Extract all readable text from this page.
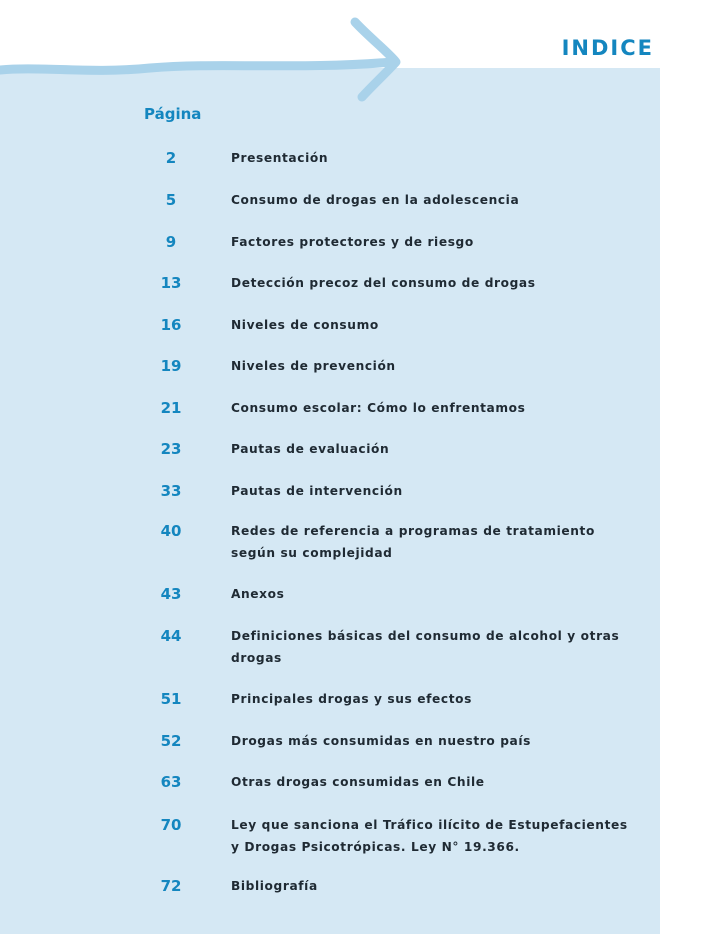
INDICE
Página
2	Presentación
5	Consumo de drogas en la adolescencia
9	Factores protectores y de riesgo
13	Detección precoz del consumo de drogas
16	Niveles de consumo
19	Niveles de prevención
21	Consumo escolar: Cómo lo enfrentamos
23	Pautas de evaluación
33	Pautas de intervención
40	Redes de referencia a programas de tratamiento según su complejidad
43	Anexos
44	Definiciones básicas del consumo de alcohol y otras drogas
51	Principales drogas y sus efectos
52	Drogas más consumidas en nuestro país
63	Otras drogas consumidas en Chile
70	Ley que sanciona el Tráfico ilícito de Estupefacientes y Drogas Psicotrópicas. Ley N° 19.366.
72	Bibliografía
